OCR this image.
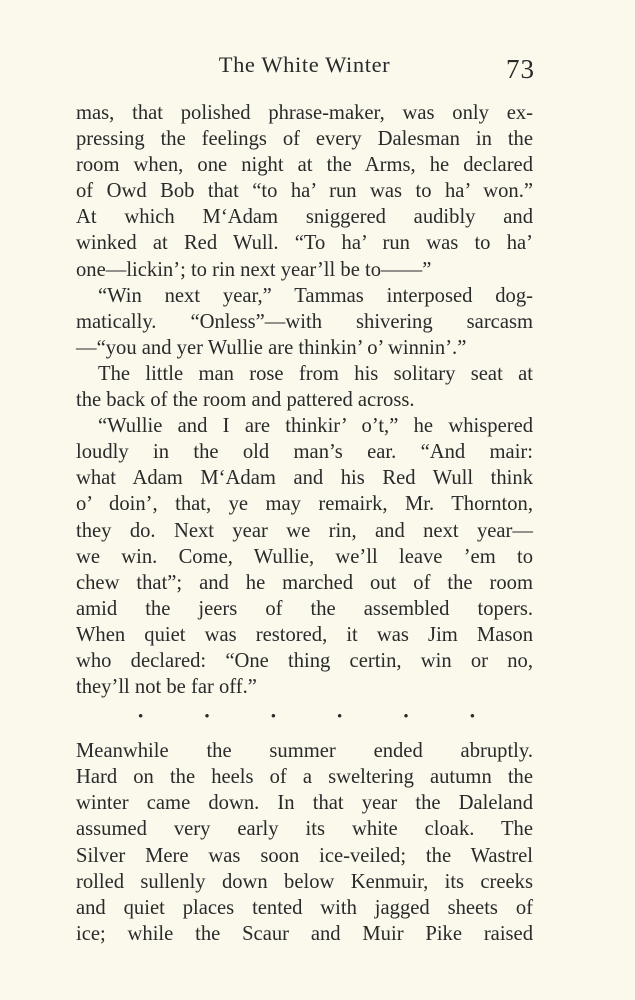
The White Winter	73
mas, that polished phrase-maker, was only ex-
pressing the feelings of every Dalesman in the
room when, one night at the Arms, he declared
of Owd Bob that “to ha’ run was to ha’ won.”
At which M‘Adam sniggered audibly and
winked at Red Wull. “To ha’ run was to ha’
one—lickin’; to rin next year’ll be to——”
“Win next year,” Tammas interposed dog-
matically. “Onless”—with shivering sarcasm
—“you and yer Wullie are thinkin’ o’ winnin’.”
The little man rose from his solitary seat at
the back of the room and pattered across.
“Wullie and I are thinkir’ o’t,” he whispered
loudly in the old man’s ear. “And mair:
what Adam M‘Adam and his Red Wull think
o’ doin’, that, ye may remairk, Mr. Thornton,
they do. Next year we rin, and next year—
we win. Come, Wullie, we’ll leave ’em to
chew that”; and he marched out of the room
amid the jeers of the assembled topers.
When quiet was restored, it was Jim Mason
who declared: “One thing certin, win or no,
they’ll not be far off.”
•	•	•	•	•	•
Meanwhile the summer ended abruptly.
Hard on the heels of a sweltering autumn the
winter came down. In that year the Daleland
assumed very early its white cloak. The
Silver Mere was soon ice-veiled; the Wastrel
rolled sullenly down below Kenmuir, its creeks
and quiet places tented with jagged sheets of
ice; while the Scaur and Muir Pike raised
